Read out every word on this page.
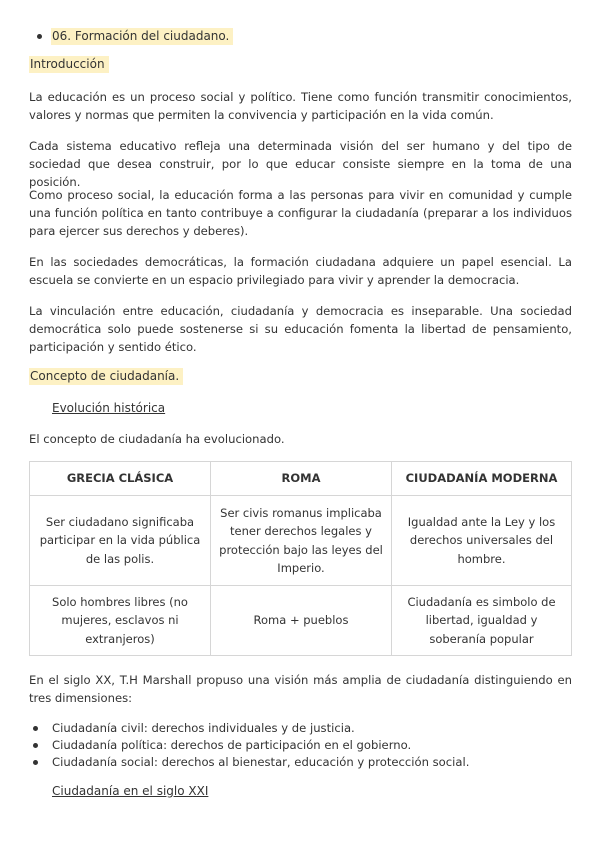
06. Formación del ciudadano.
Introducción

La educación es un proceso social y político. Tiene como función transmitir conocimientos, valores y normas que permiten la convivencia y participación en la vida común.

Cada sistema educativo refleja una determinada visión del ser humano y del tipo de sociedad que desea construir, por lo que educar consiste siempre en la toma de una posición.

Como proceso social, la educación forma a las personas para vivir en comunidad y cumple una función política en tanto contribuye a configurar la ciudadanía (preparar a los individuos para ejercer sus derechos y deberes).

En las sociedades democráticas, la formación ciudadana adquiere un papel esencial. La escuela se convierte en un espacio privilegiado para vivir y aprender la democracia.

La vinculación entre educación, ciudadanía y democracia es inseparable. Una sociedad democrática solo puede sostenerse si su educación fomenta la libertad de pensamiento, participación y sentido ético.

Concepto de ciudadanía.
Evolución histórica

El concepto de ciudadanía ha evolucionado.

GRECIA CLÁSICA	ROMA	CIUDADANÍA MODERNA
Ser ciudadano significaba participar en la vida pública de las polis.	Ser civis romanus implicaba tener derechos legales y protección bajo las leyes del Imperio.	Igualdad ante la Ley y los derechos universales del hombre.
Solo hombres libres (no mujeres, esclavos ni extranjeros)	Roma + pueblos	Ciudadanía es simbolo de libertad, igualdad y soberanía popular

En el siglo XX, T.H Marshall propuso una visión más amplia de ciudadanía distinguiendo en tres dimensiones:

Ciudadanía civil: derechos individuales y de justicia.
Ciudadanía política: derechos de participación en el gobierno.
Ciudadanía social: derechos al bienestar, educación y protección social.
Ciudadanía en el siglo XXI
